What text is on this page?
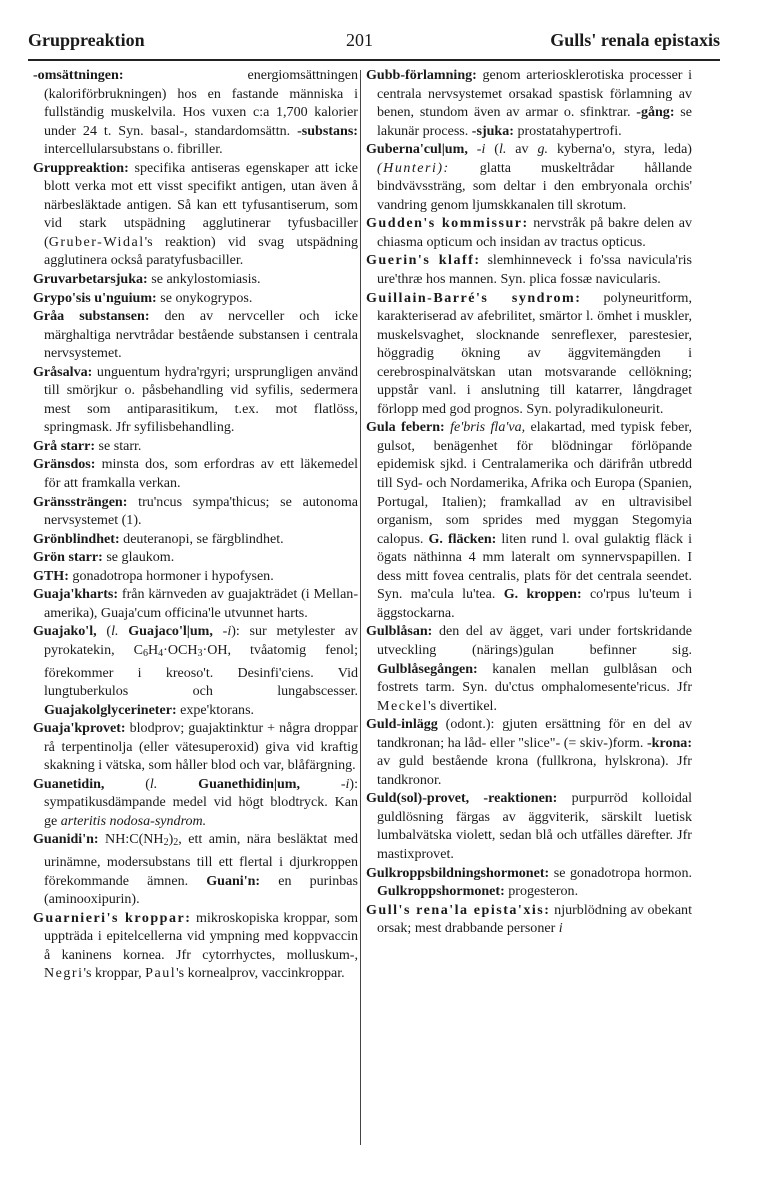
Gruppreaktion	201	Gulls' renala epistaxis

-omsättningen: energiomsättningen (kaloriförbrukningen) hos en fastande människa i fullständig muskelvila. Hos vuxen c:a 1,700 kalorier under 24 t. Syn. basal-, standardomsättn. -substans: intercellularsubstans o. fibriller.

Gruppreaktion: specifika antiseras egenskaper att icke blott verka mot ett visst specifikt antigen, utan även å närbesläktade antigen. Så kan ett tyfusantiserum, som vid stark utspädning agglutinerar tyfusbaciller (Gruber-Widal's reaktion) vid svag utspädning agglutinera också paratyfusbaciller.

Gruvarbetarsjuka: se ankylostomiasis.

Grypo'sis u'nguium: se onykogrypos.

Gråa substansen: den av nervceller och icke märghaltiga nervtrådar bestående substansen i centrala nervsystemet.

Gråsalva: unguentum hydra'rgyri; ursprungligen använd till smörjkur o. påsbehandling vid syfilis, sedermera mest som antiparasitikum, t.ex. mot flatlöss, springmask. Jfr syfilisbehandling.

Grå starr: se starr.

Gränsdos: minsta dos, som erfordras av ett läkemedel för att framkalla verkan.

Gränssträngen: tru'ncus sympa'thicus; se autonoma nervsystemet (1).

Grönblindhet: deuteranopi, se färgblindhet.

Grön starr: se glaukom.

GTH: gonadotropa hormoner i hypofysen.

Guaja'kharts: från kärnveden av guajakträdet (i Mellan-amerika), Guaja'cum officina'le utvunnet harts.

Guajako'l, (l. Guajaco'l|um, -i): sur metylester av pyrokatekin, $C_6H_4\cdot OCH_3\cdot OH$, tvåatomig fenol; förekommer i kreoso't. Desinfi'ciens. Vid lungtuberkulos och lungabscesser. Guajakolglycerineter: expe'ktorans.

Guaja'kprovet: blodprov; guajaktinktur + några droppar rå terpentinolja (eller vätesuperoxid) giva vid kraftig skakning i vätska, som håller blod och var, blåfärgning.

Guanetidin, (l.	Guanethidin|um, -i): sympatikusdämpande medel vid högt blodtryck. Kan ge arteritis nodosa-syndrom.

Guanidi'n: $NH:C(NH_2)_2$, ett amin, nära besläktat med urinämne, modersubstans till ett flertal i djurkroppen förekommande ämnen. Guani'n: en purinbas (aminooxipurin).

Guarnieri's kroppar: mikroskopiska kroppar, som uppträda i epitelcellerna vid ympning med koppvaccin å kaninens kornea. Jfr cytorrhyctes, molluskum-, Negri's kroppar, Paul's kornealprov, vaccinkroppar.

Gubb-förlamning: genom arteriosklerotiska processer i centrala nervsystemet orsakad spastisk förlamning av benen, stundom även av armar o. sfinktrar. -gång: se lakunär process. -sjuka: prostatahypertrofi.

Guberna'cul|um, -i (l. av g. kyberna'o, styra, leda) (Hunteri): glatta muskeltrådar hållande bindvävssträng, som deltar i den embryonala orchis' vandring genom ljumskkanalen till skrotum.

Gudden's kommissur: nervstråk på bakre delen av chiasma opticum och insidan av tractus opticus.

Guerin's klaff: slemhinneveck i fo'ssa navicula'ris ure'thræ hos mannen. Syn. plica fossæ navicularis.

Guillain-Barré's syndrom: polyneuritform, karakteriserad av afebrilitet, smärtor l. ömhet i muskler, muskelsvaghet, slocknande senreflexer, parestesier, höggradig ökning av äggvitemängden i cerebrospinalvätskan utan motsvarande cellökning; uppstår vanl. i anslutning till katarrer, långdraget förlopp med god prognos. Syn. polyradikuloneurit.

Gula febern: fe'bris fla'va, elakartad, med typisk feber, gulsot, benägenhet för blödningar förlöpande epidemisk sjkd. i Centralamerika och därifrån utbredd till Syd- och Nordamerika, Afrika och Europa (Spanien, Portugal, Italien); framkallad av en ultravisibel organism, som sprides med myggan Stegomyia calopus. G. fläcken: liten rund l. oval gulaktig fläck i ögats näthinna 4 mm lateralt om synnervspapillen. I dess mitt fovea centralis, plats för det centrala seendet. Syn. ma'cula lu'tea. G. kroppen: co'rpus lu'teum i äggstockarna.

Gulblåsan: den del av ägget, vari under fortskridande utveckling (närings)gulan befinner sig. Gulblåsegången: kanalen mellan gulblåsan och fostrets tarm. Syn. du'ctus omphalomesente'ricus. Jfr Meckel's divertikel.

Guld-inlägg (odont.): gjuten ersättning för en del av tandkronan; ha låd- eller "slice"- (= skiv-)form. -krona: av guld bestående krona (fullkrona, hylskrona). Jfr tandkronor.

Guld(sol)-provet, -reaktionen: purpurröd kolloidal guldlösning färgas av äggviterik, särskilt luetisk lumbalvätska violett, sedan blå och utfälles därefter. Jfr mastixprovet.

Gulkroppsbildningshormonet: se gonadotropa hormon. Gulkroppshormonet: progesteron.

Gull's rena'la epista'xis: njurblödning av obekant orsak; mest drabbande personer i
